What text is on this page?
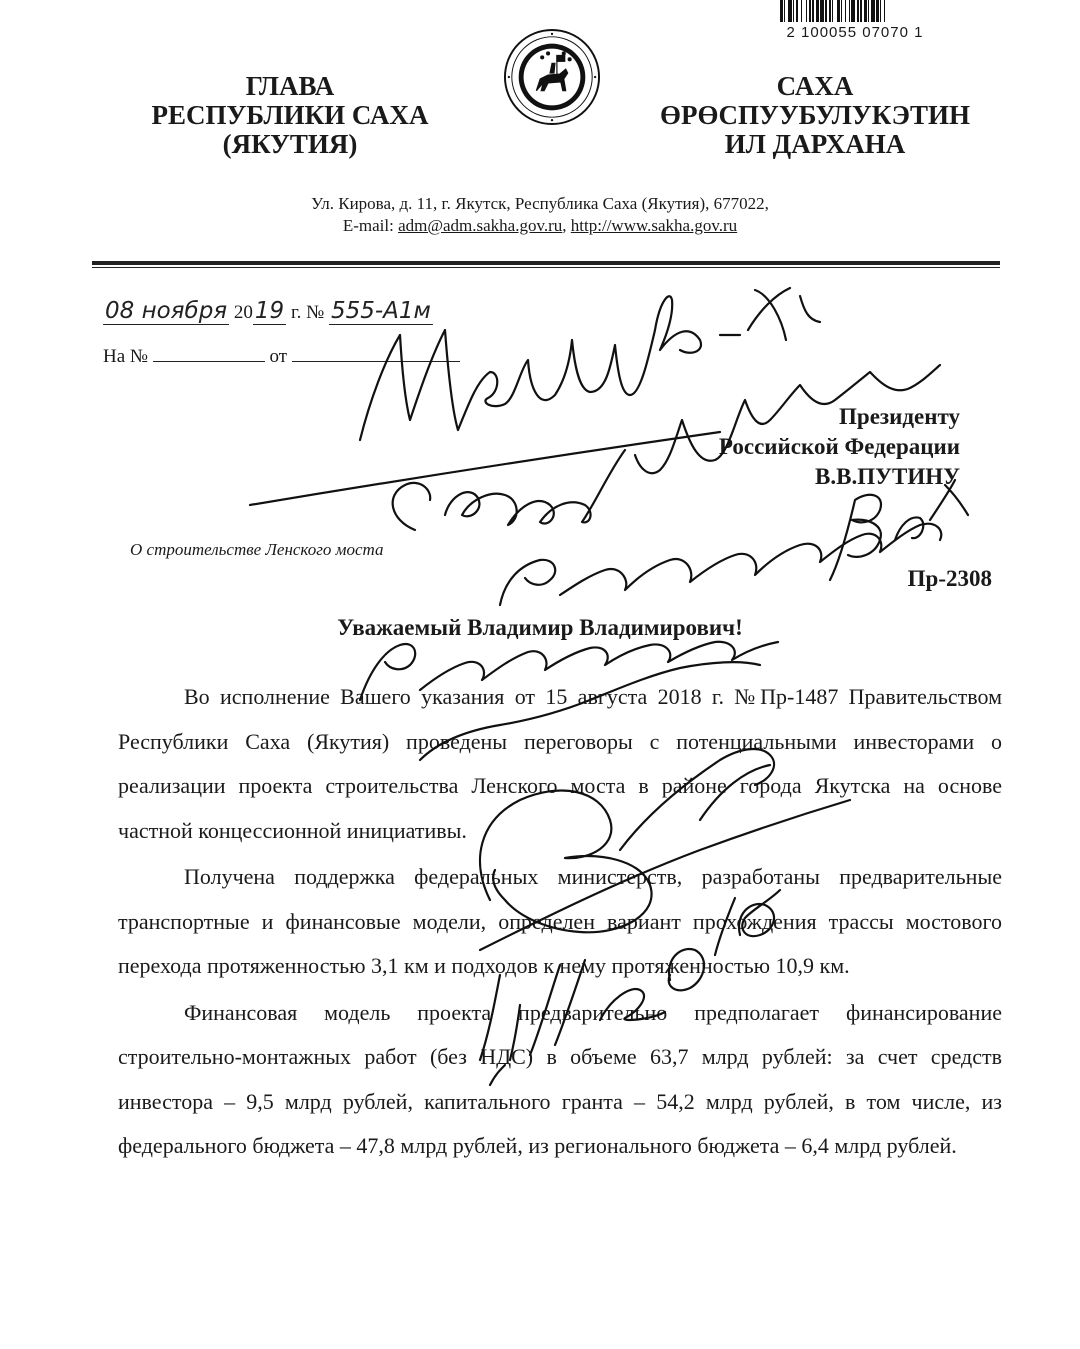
2 100055 07070 1
ГЛАВА
РЕСПУБЛИКИ САХА
(ЯКУТИЯ)
САХА
ӨРӨСПУУБУЛУКЭТИН
ИЛ ДАРХАНА
Ул. Кирова, д. 11, г. Якутск, Республика Саха (Якутия), 677022,
E-mail: adm@adm.sakha.gov.ru, http://www.sakha.gov.ru
08 ноября 2019 г. № 555-А1м
На №	от
Президенту
Российской Федерации
В.В.ПУТИНУ
О строительстве Ленского моста
Пр-2308
Уважаемый Владимир Владимирович!

Во исполнение Вашего указания от 15 августа 2018 г. №Пр-1487 Правительством Республики Саха (Якутия) проведены переговоры с потенциальными инвесторами о реализации проекта строительства Ленского моста в районе города Якутска на основе частной концессионной инициативы.

Получена поддержка федеральных министерств, разработаны предварительные транспортные и финансовые модели, определен вариант прохождения трассы мостового перехода протяженностью 3,1 км и подходов к нему протяженностью 10,9 км.

Финансовая модель проекта предварительно предполагает финансирование строительно-монтажных работ (без НДС) в объеме 63,7 млрд рублей: за счет средств инвестора – 9,5 млрд рублей, капитального гранта – 54,2 млрд рублей, в том числе, из федерального бюджета – 47,8 млрд рублей, из регионального бюджета – 6,4 млрд рублей.
